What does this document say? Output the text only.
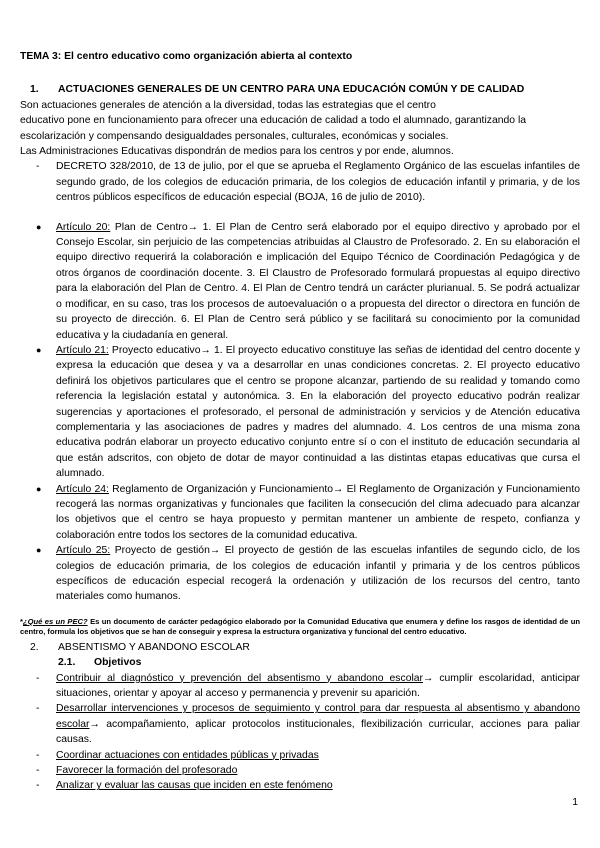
TEMA 3: El centro educativo como organización abierta al contexto
1.	ACTUACIONES GENERALES DE UN CENTRO PARA UNA EDUCACIÓN COMÚN Y DE CALIDAD

Son actuaciones generales de atención a la diversidad, todas las estrategias que el centro

educativo pone en funcionamiento para ofrecer una educación de calidad a todo el alumnado, garantizando la escolarización y compensando desigualdades personales, culturales, económicas y sociales.

Las Administraciones Educativas dispondrán de medios para los centros y por ende, alumnos.

-	DECRETO 328/2010, de 13 de julio, por el que se aprueba el Reglamento Orgánico de las escuelas infantiles de segundo grado, de los colegios de educación primaria, de los colegios de educación infantil y primaria, y de los centros públicos específicos de educación especial (BOJA, 16 de julio de 2010).
●	Artículo 20: Plan de Centro→ 1. El Plan de Centro será elaborado por el equipo directivo y aprobado por el Consejo Escolar, sin perjuicio de las competencias atribuidas al Claustro de Profesorado. 2. En su elaboración el equipo directivo requerirá la colaboración e implicación del Equipo Técnico de Coordinación Pedagógica y de otros órganos de coordinación docente. 3. El Claustro de Profesorado formulará propuestas al equipo directivo para la elaboración del Plan de Centro. 4. El Plan de Centro tendrá un carácter plurianual. 5. Se podrá actualizar o modificar, en su caso, tras los procesos de autoevaluación o a propuesta del director o directora en función de su proyecto de dirección. 6. El Plan de Centro será público y se facilitará su conocimiento por la comunidad educativa y la ciudadanía en general.
●	Artículo 21: Proyecto educativo→ 1. El proyecto educativo constituye las señas de identidad del centro docente y expresa la educación que desea y va a desarrollar en unas condiciones concretas. 2. El proyecto educativo definirá los objetivos particulares que el centro se propone alcanzar, partiendo de su realidad y tomando como referencia la legislación estatal y autonómica. 3. En la elaboración del proyecto educativo podrán realizar sugerencias y aportaciones el profesorado, el personal de administración y servicios y de Atención educativa complementaria y las asociaciones de padres y madres del alumnado. 4. Los centros de una misma zona educativa podrán elaborar un proyecto educativo conjunto entre sí o con el instituto de educación secundaria al que están adscritos, con objeto de dotar de mayor continuidad a las distintas etapas educativas que cursa el alumnado.
●	Artículo 24: Reglamento de Organización y Funcionamiento→ El Reglamento de Organización y Funcionamiento recogerá las normas organizativas y funcionales que faciliten la consecución del clima adecuado para alcanzar los objetivos que el centro se haya propuesto y permitan mantener un ambiente de respeto, confianza y colaboración entre todos los sectores de la comunidad educativa.
●	Artículo 25: Proyecto de gestión→ El proyecto de gestión de las escuelas infantiles de segundo ciclo, de los colegios de educación primaria, de los colegios de educación infantil y primaria y de los centros públicos específicos de educación especial recogerá la ordenación y utilización de los recursos del centro, tanto materiales como humanos.
*¿Qué es un PEC? Es un documento de carácter pedagógico elaborado por la Comunidad Educativa que enumera y define los rasgos de identidad de un centro, formula los objetivos que se han de conseguir y expresa la estructura organizativa y funcional del centro educativo.
2.	ABSENTISMO Y ABANDONO ESCOLAR
2.1.	Objetivos
-	Contribuir al diagnóstico y prevención del absentismo y abandono escolar→ cumplir escolaridad, anticipar situaciones, orientar y apoyar al acceso y permanencia y prevenir su aparición.
-	Desarrollar intervenciones y procesos de seguimiento y control para dar respuesta al absentismo y abandono escolar→ acompañamiento, aplicar protocolos institucionales, flexibilización curricular, acciones para paliar causas.
-	Coordinar actuaciones con entidades públicas y privadas
-	Favorecer la formación del profesorado
-	Analizar y evaluar las causas que inciden en este fenómeno
1
